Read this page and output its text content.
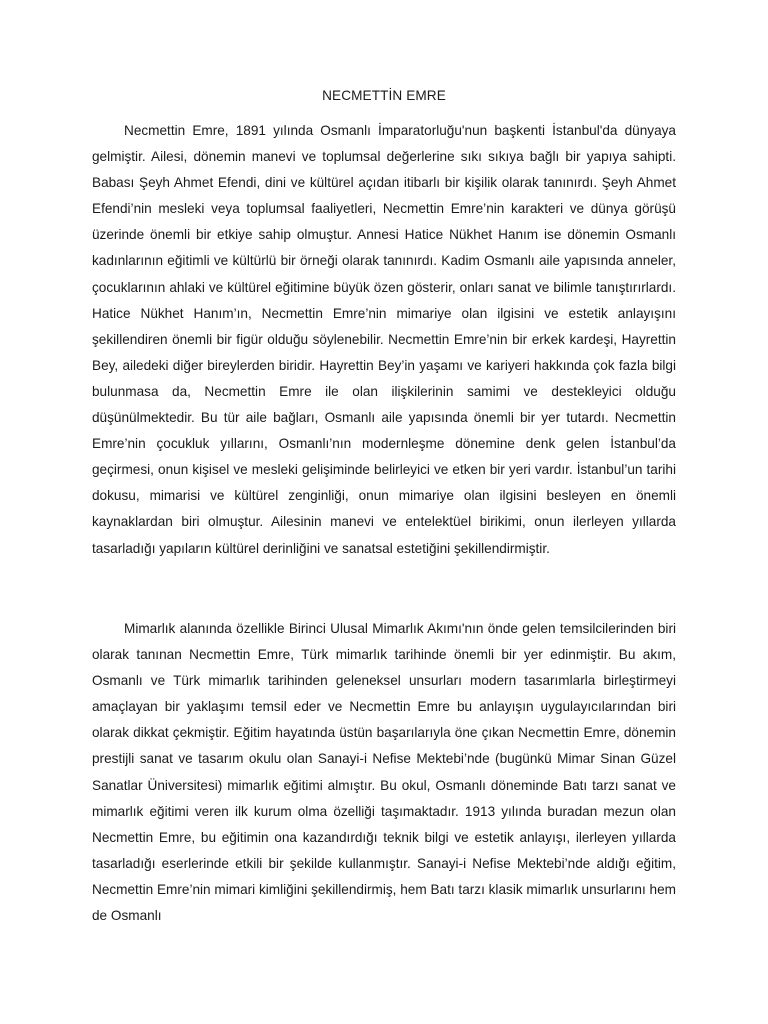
NECMETTİN EMRE

Necmettin Emre, 1891 yılında Osmanlı İmparatorluğu'nun başkenti İstanbul'da dünyaya gelmiştir. Ailesi, dönemin manevi ve toplumsal değerlerine sıkı sıkıya bağlı bir yapıya sahipti. Babası Şeyh Ahmet Efendi, dini ve kültürel açıdan itibarlı bir kişilik olarak tanınırdı. Şeyh Ahmet Efendi’nin mesleki veya toplumsal faaliyetleri, Necmettin Emre’nin karakteri ve dünya görüşü üzerinde önemli bir etkiye sahip olmuştur. Annesi Hatice Nükhet Hanım ise dönemin Osmanlı kadınlarının eğitimli ve kültürlü bir örneği olarak tanınırdı. Kadim Osmanlı aile yapısında anneler, çocuklarının ahlaki ve kültürel eğitimine büyük özen gösterir, onları sanat ve bilimle tanıştırırlardı. Hatice Nükhet Hanım’ın, Necmettin Emre’nin mimariye olan ilgisini ve estetik anlayışını şekillendiren önemli bir figür olduğu söylenebilir. Necmettin Emre’nin bir erkek kardeşi, Hayrettin Bey, ailedeki diğer bireylerden biridir. Hayrettin Bey’in yaşamı ve kariyeri hakkında çok fazla bilgi bulunmasa da, Necmettin Emre ile olan ilişkilerinin samimi ve destekleyici olduğu düşünülmektedir. Bu tür aile bağları, Osmanlı aile yapısında önemli bir yer tutardı. Necmettin Emre’nin çocukluk yıllarını, Osmanlı’nın modernleşme dönemine denk gelen İstanbul’da geçirmesi, onun kişisel ve mesleki gelişiminde belirleyici ve etken bir yeri vardır. İstanbul’un tarihi dokusu, mimarisi ve kültürel zenginliği, onun mimariye olan ilgisini besleyen en önemli kaynaklardan biri olmuştur. Ailesinin manevi ve entelektüel birikimi, onun ilerleyen yıllarda tasarladığı yapıların kültürel derinliğini ve sanatsal estetiğini şekillendirmiştir.

Mimarlık alanında özellikle Birinci Ulusal Mimarlık Akımı'nın önde gelen temsilcilerinden biri olarak tanınan Necmettin Emre, Türk mimarlık tarihinde önemli bir yer edinmiştir. Bu akım, Osmanlı ve Türk mimarlık tarihinden geleneksel unsurları modern tasarımlarla birleştirmeyi amaçlayan bir yaklaşımı temsil eder ve Necmettin Emre bu anlayışın uygulayıcılarından biri olarak dikkat çekmiştir. Eğitim hayatında üstün başarılarıyla öne çıkan Necmettin Emre, dönemin prestijli sanat ve tasarım okulu olan Sanayi-i Nefise Mektebi’nde (bugünkü Mimar Sinan Güzel Sanatlar Üniversitesi) mimarlık eğitimi almıştır. Bu okul, Osmanlı döneminde Batı tarzı sanat ve mimarlık eğitimi veren ilk kurum olma özelliği taşımaktadır. 1913 yılında buradan mezun olan Necmettin Emre, bu eğitimin ona kazandırdığı teknik bilgi ve estetik anlayışı, ilerleyen yıllarda tasarladığı eserlerinde etkili bir şekilde kullanmıştır. Sanayi-i Nefise Mektebi’nde aldığı eğitim, Necmettin Emre’nin mimari kimliğini şekillendirmiş, hem Batı tarzı klasik mimarlık unsurlarını hem de Osmanlı
